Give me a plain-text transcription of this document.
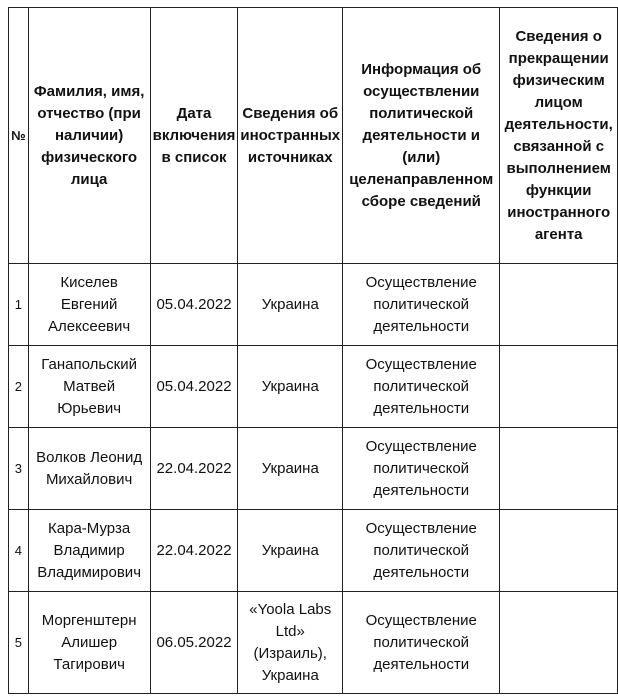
№	Фамилия, имя, отчество (при наличии) физического лица	Дата включения в список	Сведения об иностранных источниках	Информация об осуществлении политической деятельности и (или) целенаправленном сборе сведений	Сведения о прекращении физическим лицом деятельности, связанной с выполнением функции иностранного агента
1	Киселев Евгений Алексеевич	05.04.2022	Украина	Осуществление политической деятельности	
2	Ганапольский Матвей Юрьевич	05.04.2022	Украина	Осуществление политической деятельности	
3	Волков Леонид Михайлович	22.04.2022	Украина	Осуществление политической деятельности	
4	Кара-Мурза Владимир Владимирович	22.04.2022	Украина	Осуществление политической деятельности	
5	Моргенштерн Алишер Тагирович	06.05.2022	«Yoola Labs Ltd» (Израиль), Украина	Осуществление политической деятельности	
